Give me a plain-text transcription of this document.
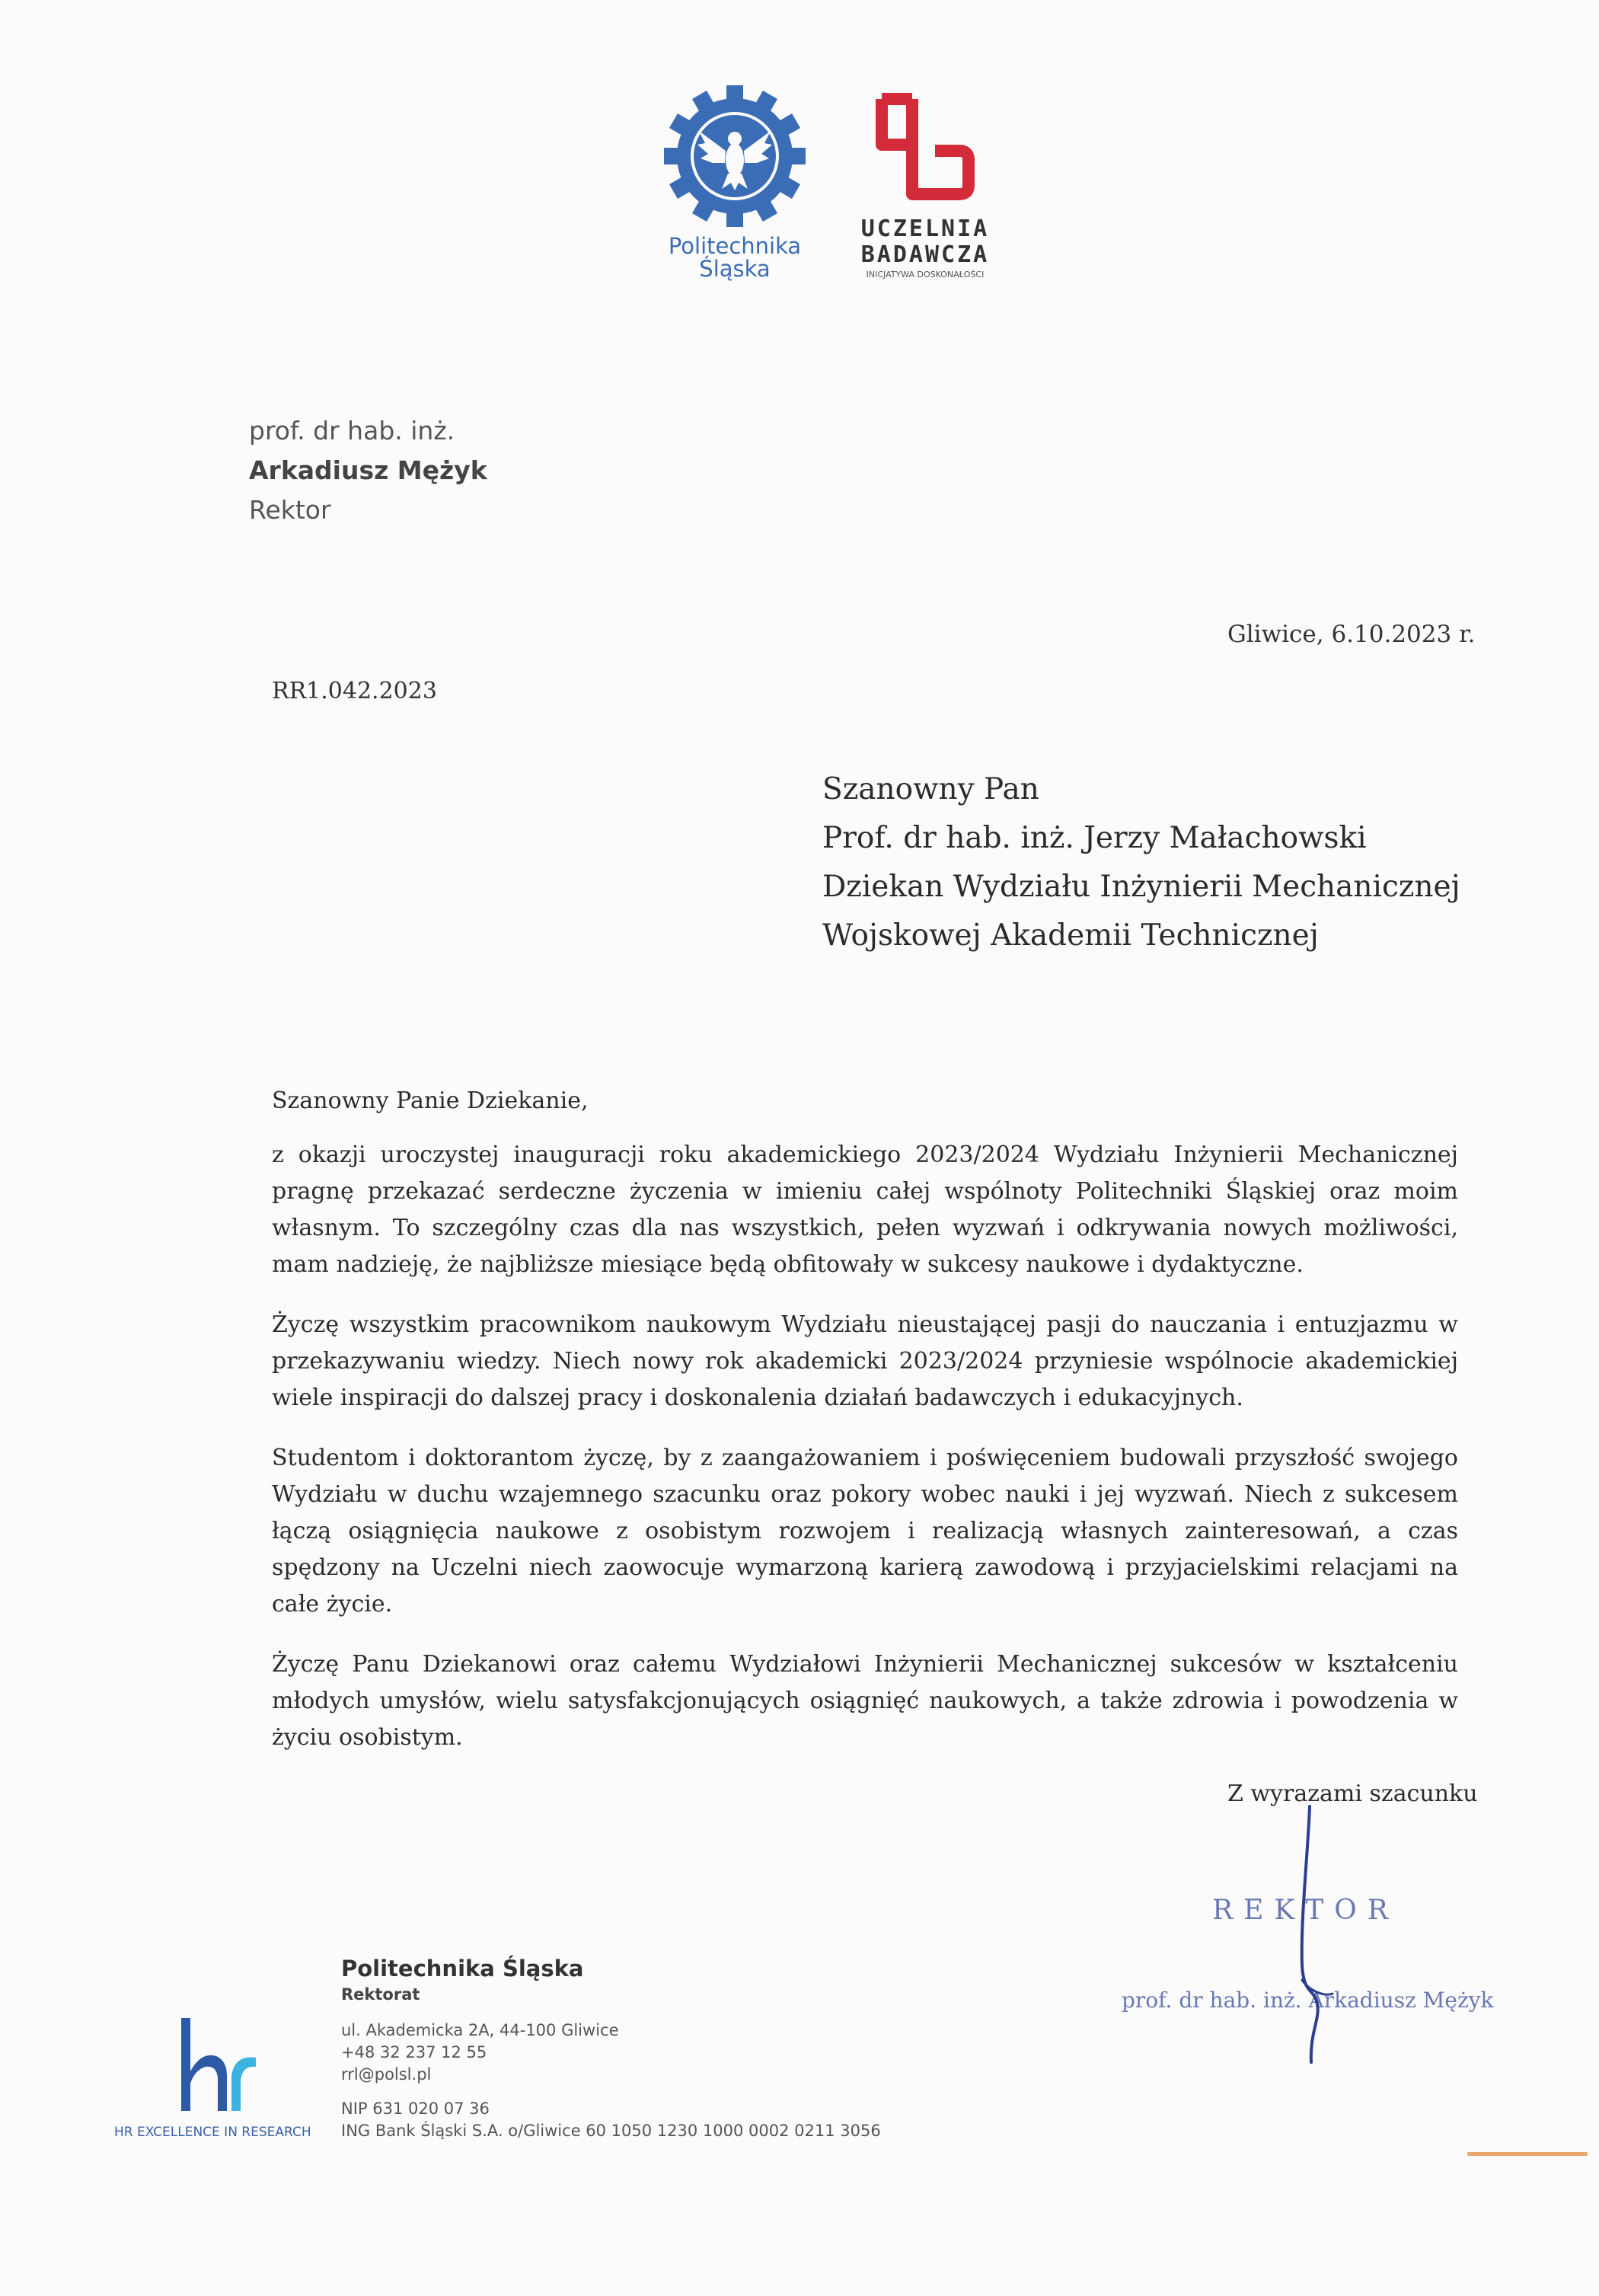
Politechnika
Śląska
UCZELNIA
BADAWCZA
INICJATYWA DOSKONAŁOŚCI
prof. dr hab. inż.
Arkadiusz Mężyk
Rektor
Gliwice, 6.10.2023 r.
RR1.042.2023
Szanowny Pan
Prof. dr hab. inż. Jerzy Małachowski
Dziekan Wydziału Inżynierii Mechanicznej
Wojskowej Akademii Technicznej
Szanowny Panie Dziekanie,

z okazji uroczystej inauguracji roku akademickiego 2023/2024 Wydziału Inżynierii Mechanicznej pragnę przekazać serdeczne życzenia w imieniu całej wspólnoty Politechniki Śląskiej oraz moim własnym. To szczególny czas dla nas wszystkich, pełen wyzwań i odkrywania nowych możliwości, mam nadzieję, że najbliższe miesiące będą obfitowały w sukcesy naukowe i dydaktyczne.

Życzę wszystkim pracownikom naukowym Wydziału nieustającej pasji do nauczania i entuzjazmu w przekazywaniu wiedzy. Niech nowy rok akademicki 2023/2024 przyniesie wspólnocie akademickiej wiele inspiracji do dalszej pracy i doskonalenia działań badawczych i edukacyjnych.

Studentom i doktorantom życzę, by z zaangażowaniem i poświęceniem budowali przyszłość swojego Wydziału w duchu wzajemnego szacunku oraz pokory wobec nauki i jej wyzwań. Niech z sukcesem łączą osiągnięcia naukowe z osobistym rozwojem i realizacją własnych zainteresowań, a czas spędzony na Uczelni niech zaowocuje wymarzoną karierą zawodową i przyjacielskimi relacjami na całe życie.

Życzę Panu Dziekanowi oraz całemu Wydziałowi Inżynierii Mechanicznej sukcesów w kształceniu młodych umysłów, wielu satysfakcjonujących osiągnięć naukowych, a także zdrowia i powodzenia w życiu osobistym.

Z wyrazami szacunku
REKTOR
prof. dr hab. inż. Arkadiusz Mężyk
HR EXCELLENCE IN RESEARCH
Politechnika Śląska
Rektorat
ul. Akademicka 2A, 44-100 Gliwice
+48 32 237 12 55
rrl@polsl.pl
NIP 631 020 07 36
ING Bank Śląski S.A. o/Gliwice 60 1050 1230 1000 0002 0211 3056
